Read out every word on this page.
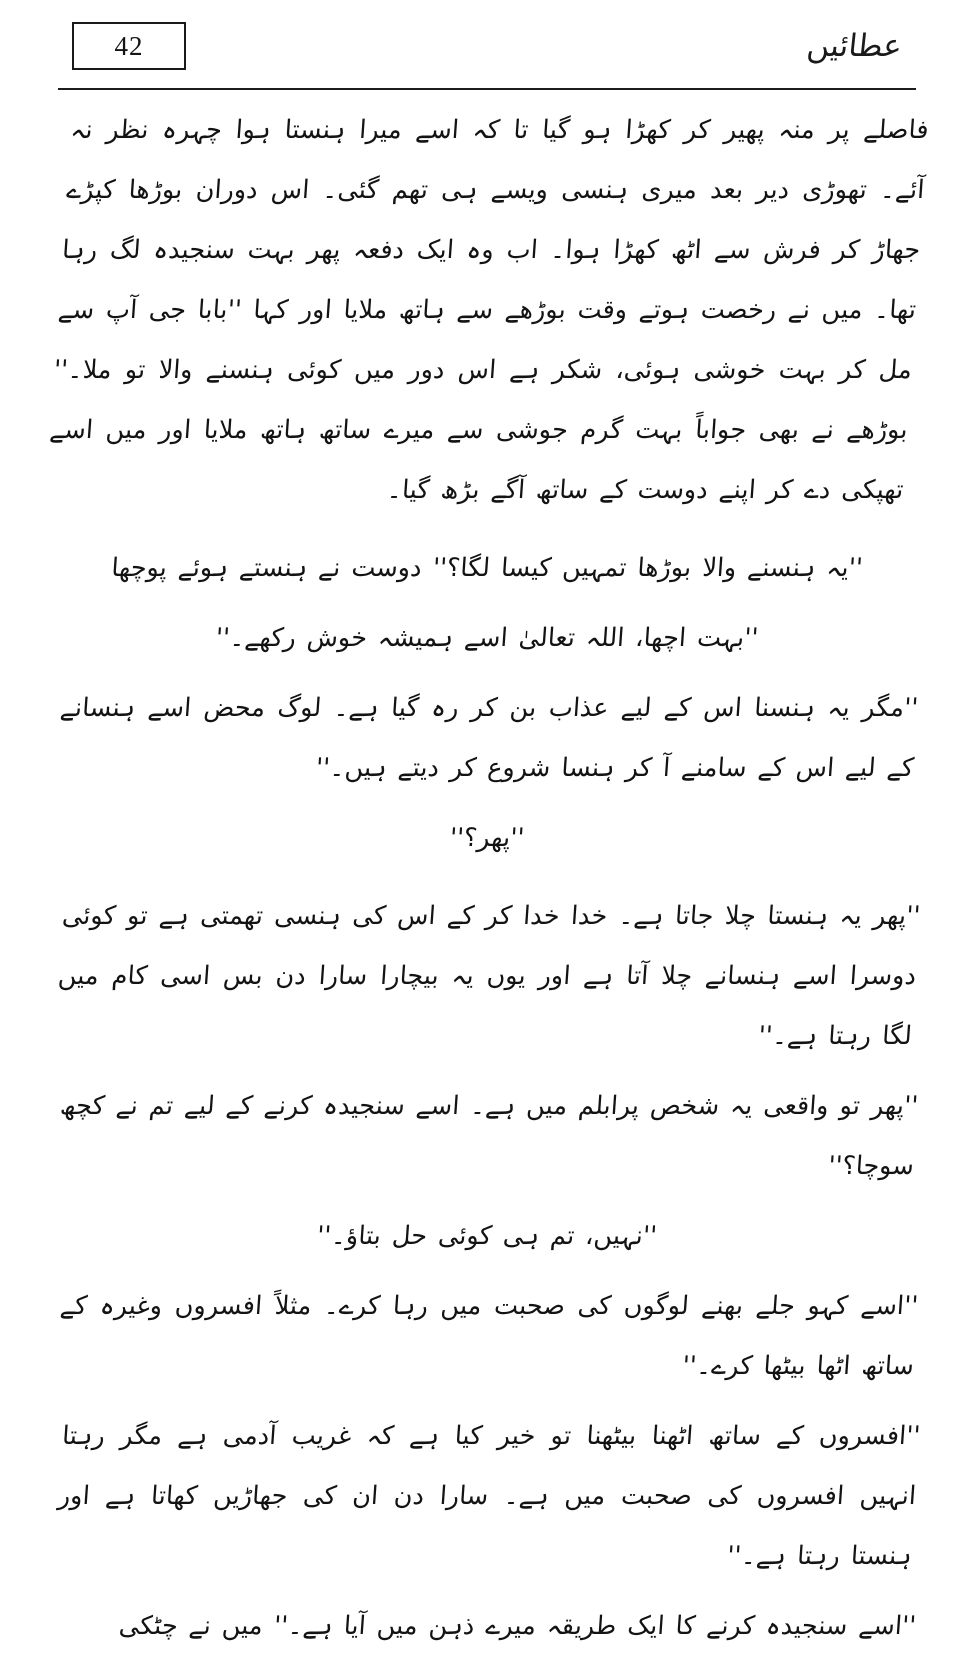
42	عطائیں

فاصلے پر منہ پھیر کر کھڑا ہو گیا تا کہ اسے میرا ہنستا ہوا چہرہ نظر نہ آئے۔ تھوڑی دیر بعد میری ہنسی ویسے ہی تھم گئی۔ اس دوران بوڑھا کپڑے جھاڑ کر فرش سے اٹھ کھڑا ہوا۔ اب وہ ایک دفعہ پھر بہت سنجیدہ لگ رہا تھا۔ میں نے رخصت ہوتے وقت بوڑھے سے ہاتھ ملایا اور کہا ''بابا جی آپ سے مل کر بہت خوشی ہوئی، شکر ہے اس دور میں کوئی ہنسنے والا تو ملا۔'' بوڑھے نے بھی جواباً بہت گرم جوشی سے میرے ساتھ ہاتھ ملایا اور میں اسے تھپکی دے کر اپنے دوست کے ساتھ آگے بڑھ گیا۔

''یہ ہنسنے والا بوڑھا تمہیں کیسا لگا؟'' دوست نے ہنستے ہوئے پوچھا

''بہت اچھا، اللہ تعالیٰ اسے ہمیشہ خوش رکھے۔''

''مگر یہ ہنسنا اس کے لیے عذاب بن کر رہ گیا ہے۔ لوگ محض اسے ہنسانے کے لیے اس کے سامنے آ کر ہنسا شروع کر دیتے ہیں۔''

''پھر؟''

''پھر یہ ہنستا چلا جاتا ہے۔ خدا خدا کر کے اس کی ہنسی تھمتی ہے تو کوئی دوسرا اسے ہنسانے چلا آتا ہے اور یوں یہ بیچارا سارا دن بس اسی کام میں لگا رہتا ہے۔''

''پھر تو واقعی یہ شخص پرابلم میں ہے۔ اسے سنجیدہ کرنے کے لیے تم نے کچھ سوچا؟''

''نہیں، تم ہی کوئی حل بتاؤ۔''

''اسے کہو جلے بھنے لوگوں کی صحبت میں رہا کرے۔ مثلاً افسروں وغیرہ کے ساتھ اٹھا بیٹھا کرے۔''

''افسروں کے ساتھ اٹھنا بیٹھنا تو خیر کیا ہے کہ غریب آدمی ہے مگر رہتا انہیں افسروں کی صحبت میں ہے۔ سارا دن ان کی جھاڑیں کھاتا ہے اور ہنستا رہتا ہے۔''

''اسے سنجیدہ کرنے کا ایک طریقہ میرے ذہن میں آیا ہے۔'' میں نے چٹکی
